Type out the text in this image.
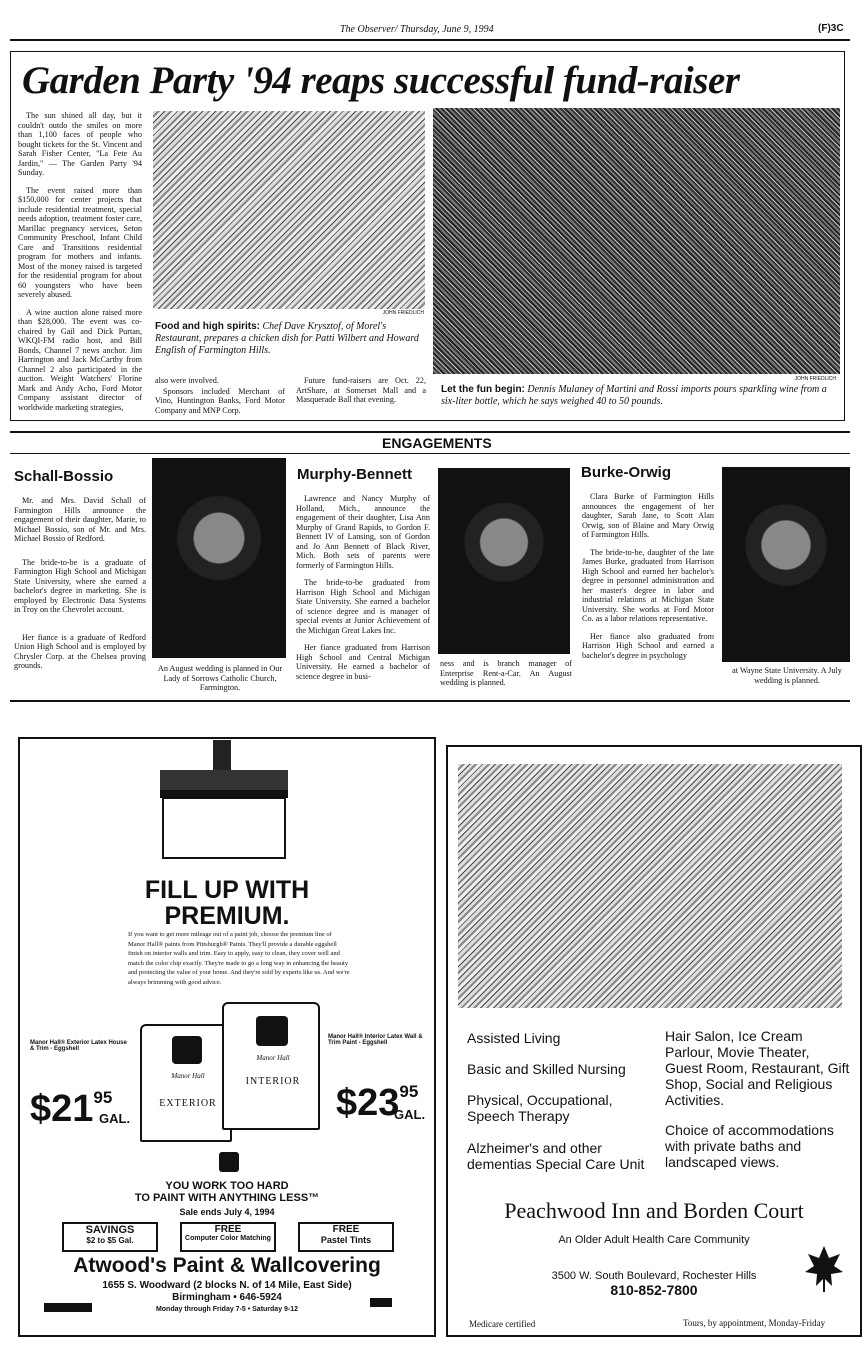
The Observer/ Thursday, June 9, 1994	(F)3C
Garden Party '94 reaps successful fund-raiser

The sun shined all day, but it couldn't outdo the smiles on more than 1,100 faces of people who bought tickets for the St. Vincent and Sarah Fisher Center, "La Fete Au Jardin," — The Garden Party '94 Sunday.

The event raised more than $150,000 for center projects that include residential treatment, special needs adoption, treatment foster care, Marillac pregnancy services, Seton Community Preschool, Infant Child Care and Transitions residential program for mothers and infants. Most of the money raised is targeted for the residential program for about 60 youngsters who have been severely abused.

A wine auction alone raised more than $28,000. The event was co-chaired by Gail and Dick Purtan, WKQI-FM radio host, and Bill Bonds, Channel 7 news anchor. Jim Harrington and Jack McCarthy from Channel 2 also participated in the auction. Weight Watchers' Florine Mark and Andy Acho, Ford Motor Company assistant director of worldwide marketing strategies,

JOHN FRIEDLICH
Food and high spirits: Chef Dave Krysztof, of Morel's Restaurant, prepares a chicken dish for Patti Wilbert and Howard English of Farmington Hills.

also were involved.

Sponsors included Merchant of Vino, Huntington Banks, Ford Motor Company and MNP Corp.

Future fund-raisers are Oct. 22, ArtShare, at Somerset Mall and a Masquerade Ball that evening.

JOHN FRIEDLICH
Let the fun begin: Dennis Mulaney of Martini and Rossi imports pours sparkling wine from a six-liter bottle, which he says weighed 40 to 50 pounds.
ENGAGEMENTS
Schall-Bossio

Mr. and Mrs. David Schall of Farmington Hills announce the engagement of their daughter, Marie, to Michael Bossio, son of Mr. and Mrs. Michael Bossio of Redford.

The bride-to-be is a graduate of Farmington High School and Michigan State University, where she earned a bachelor's degree in marketing. She is employed by Electronic Data Systems in Troy on the Chevrolet account.

Her fiance is a graduate of Redford Union High School and is employed by Chrysler Corp. at the Chelsea proving grounds.	An August wedding is planned in Our Lady of Sorrows Catholic Church, Farmington.
Murphy-Bennett

Lawrence and Nancy Murphy of Holland, Mich., announce the engagement of their daughter, Lisa Ann Murphy of Grand Rapids, to Gordon F. Bennett IV of Lansing, son of Gordon and Jo Ann Bennett of Black River, Mich. Both sets of parents were formerly of Farmington Hills.

The bride-to-be graduated from Harrison High School and Michigan State University. She earned a bachelor of science degree and is manager of special events at Junior Achievement of the Michigan Great Lakes Inc.

Her fiance graduated from Harrison High School and Central Michigan University. He earned a bachelor of science degree in busi-

ness and is branch manager of Enterprise Rent-a-Car. An August wedding is planned.
Burke-Orwig

Clara Burke of Farmington Hills announces the engagement of her daughter, Sarah Jane, to Scott Alan Orwig, son of Blaine and Mary Orwig of Farmington Hills.

The bride-to-be, daughter of the late James Burke, graduated from Harrison High School and earned her bachelor's degree in personnel administration and her master's degree in labor and industrial relations at Michigan State University. She works at Ford Motor Co. as a labor relations representative.

Her fiance also graduated from Harrison High School and earned a bachelor's degree in psychology

at Wayne State University. A July wedding is planned.
FILL UP WITH
PREMIUM.
If you want to get more mileage out of a paint job, choose the premium line of Manor Hall® paints from Pittsburgh® Paints. They'll provide a durable eggshell finish on interior walls and trim. Easy to apply, easy to clean, they cover well and match the color chip exactly. They're made to go a long way in enhancing the beauty and protecting the value of your home. And they're sold by experts like us. And we're always brimming with good advice.
Manor Hall® Exterior Latex House & Trim - Eggshell
Manor Hall® Interior Latex Wall & Trim Paint - Eggshell
Manor Hall
EXTERIOR
Manor Hall
INTERIOR
$\$21^{95}$
GAL.	$\$23^{95}$
GAL.
YOU WORK TOO HARD
TO PAINT WITH ANYTHING LESS™
Sale ends July 4, 1994
SAVINGS
$2 to $5 Gal.
FREE
Computer Color Matching
FREE
Pastel Tints
Atwood's Paint & Wallcovering
1655 S. Woodward (2 blocks N. of 14 Mile, East Side)
Birmingham • 646-5924
Monday through Friday 7-5 • Saturday 9-12
Assisted Living
Basic and Skilled Nursing
Physical, Occupational, Speech Therapy
Alzheimer's and other dementias Special Care Unit
Hair Salon, Ice Cream Parlour, Movie Theater, Guest Room, Restaurant, Gift Shop, Social and Religious Activities.
Choice of accommodations with private baths and landscaped views.
Peachwood Inn and Borden Court
An Older Adult Health Care Community
3500 W. South Boulevard, Rochester Hills
810-852-7800
Medicare certified	Tours, by appointment, Monday-Friday
